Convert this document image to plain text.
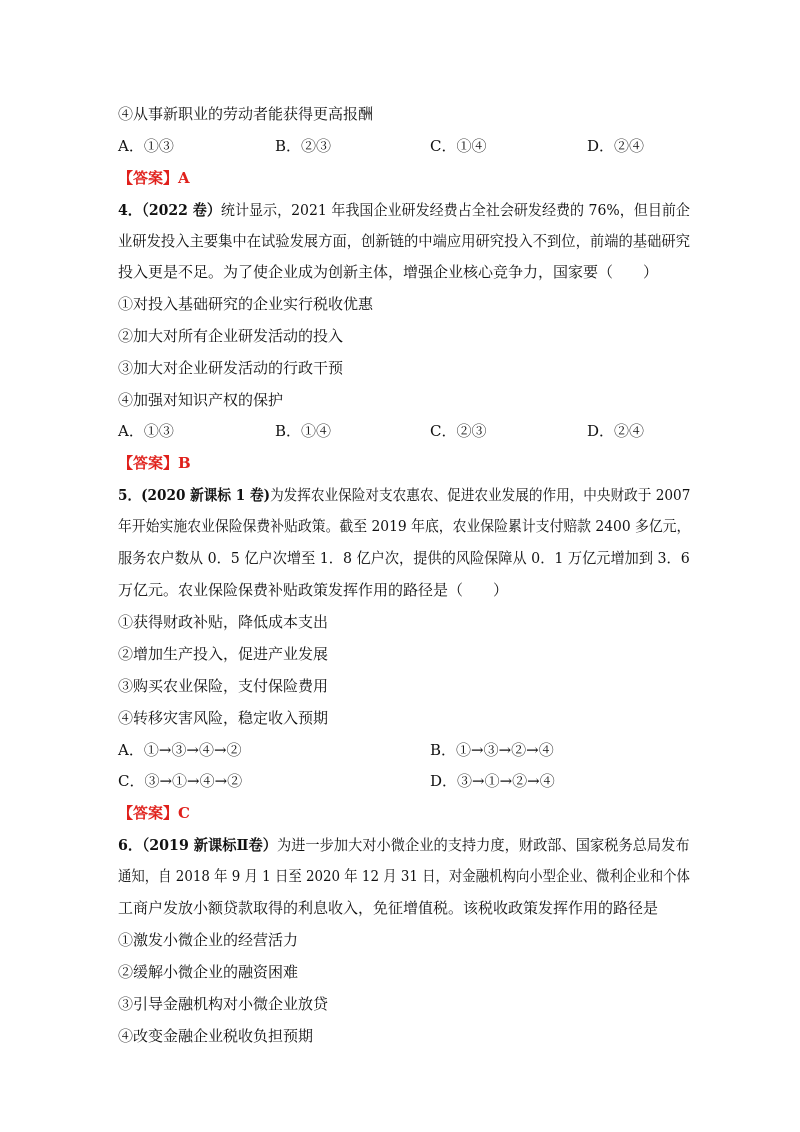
④从事新职业的劳动者能获得更高报酬
A．①③	B．②③	C．①④	D．②④
【答案】A
4．（2022 卷）统计显示，2021 年我国企业研发经费占全社会研发经费的 76%，但目前企
业研发投入主要集中在试验发展方面，创新链的中端应用研究投入不到位，前端的基础研究
投入更是不足。为了使企业成为创新主体，增强企业核心竞争力，国家要（　　）
①对投入基础研究的企业实行税收优惠
②加大对所有企业研发活动的投入
③加大对企业研发活动的行政干预
④加强对知识产权的保护
A．①③	B．①④	C．②③	D．②④
【答案】B
5．(2020 新课标 1 卷)为发挥农业保险对支农惠农、促进农业发展的作用，中央财政于 2007
年开始实施农业保险保费补贴政策。截至 2019 年底，农业保险累计支付赔款 2400 多亿元，
服务农户数从 0．5 亿户次增至 1．8 亿户次，提供的风险保障从 0．1 万亿元增加到 3．6
万亿元。农业保险保费补贴政策发挥作用的路径是（　　）
①获得财政补贴，降低成本支出
②增加生产投入，促进产业发展
③购买农业保险，支付保险费用
④转移灾害风险，稳定收入预期
A．①→③→④→②	B．①→③→②→④
C．③→①→④→②	D．③→①→②→④
【答案】C
6．（2019 新课标Ⅱ卷）为进一步加大对小微企业的支持力度，财政部、国家税务总局发布
通知，自 2018 年 9 月 1 日至 2020 年 12 月 31 日，对金融机构向小型企业、微利企业和个体
工商户发放小额贷款取得的利息收入，免征增值税。该税收政策发挥作用的路径是
①激发小微企业的经营活力
②缓解小微企业的融资困难
③引导金融机构对小微企业放贷
④改变金融企业税收负担预期
